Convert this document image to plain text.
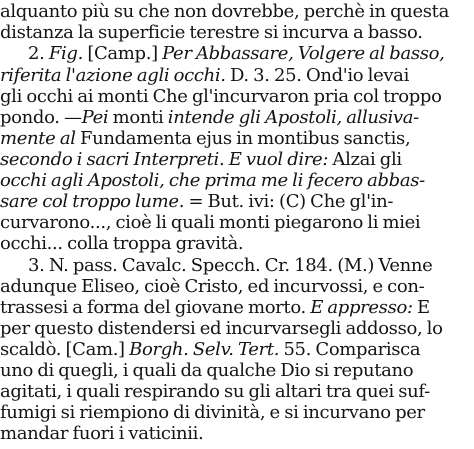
alquanto più su che non dovrebbe, perchè in questa
distanza la superficie terestre si incurva a basso.
2. Fig. [Camp.] Per Abbassare, Volgere al basso,
riferita l'azione agli occhi. D. 3. 25. Ond'io levai
gli occhi ai monti Che gl'incurvaron pria col troppo
pondo. —Pei monti intende gli Apostoli, allusiva-
mente al Fundamenta ejus in montibus sanctis,
secondo i sacri Interpreti. E vuol dire: Alzai gli
occhi agli Apostoli, che prima me li fecero abbas-
sare col troppo lume. = But. ivi: (C) Che gl'in-
curvarono..., cioè li quali monti piegarono li miei
occhi... colla troppa gravità.
3. N. pass. Cavalc. Specch. Cr. 184. (M.) Venne
adunque Eliseo, cioè Cristo, ed incurvossi, e con-
trassesi a forma del giovane morto. E appresso: E
per questo distendersi ed incurvarsegli addosso, lo
scaldò. [Cam.] Borgh. Selv. Tert. 55. Comparisca
uno di quegli, i quali da qualche Dio si reputano
agitati, i quali respirando su gli altari tra quei suf-
fumigi si riempiono di divinità, e si incurvano per
mandar fuori i vaticinii.
